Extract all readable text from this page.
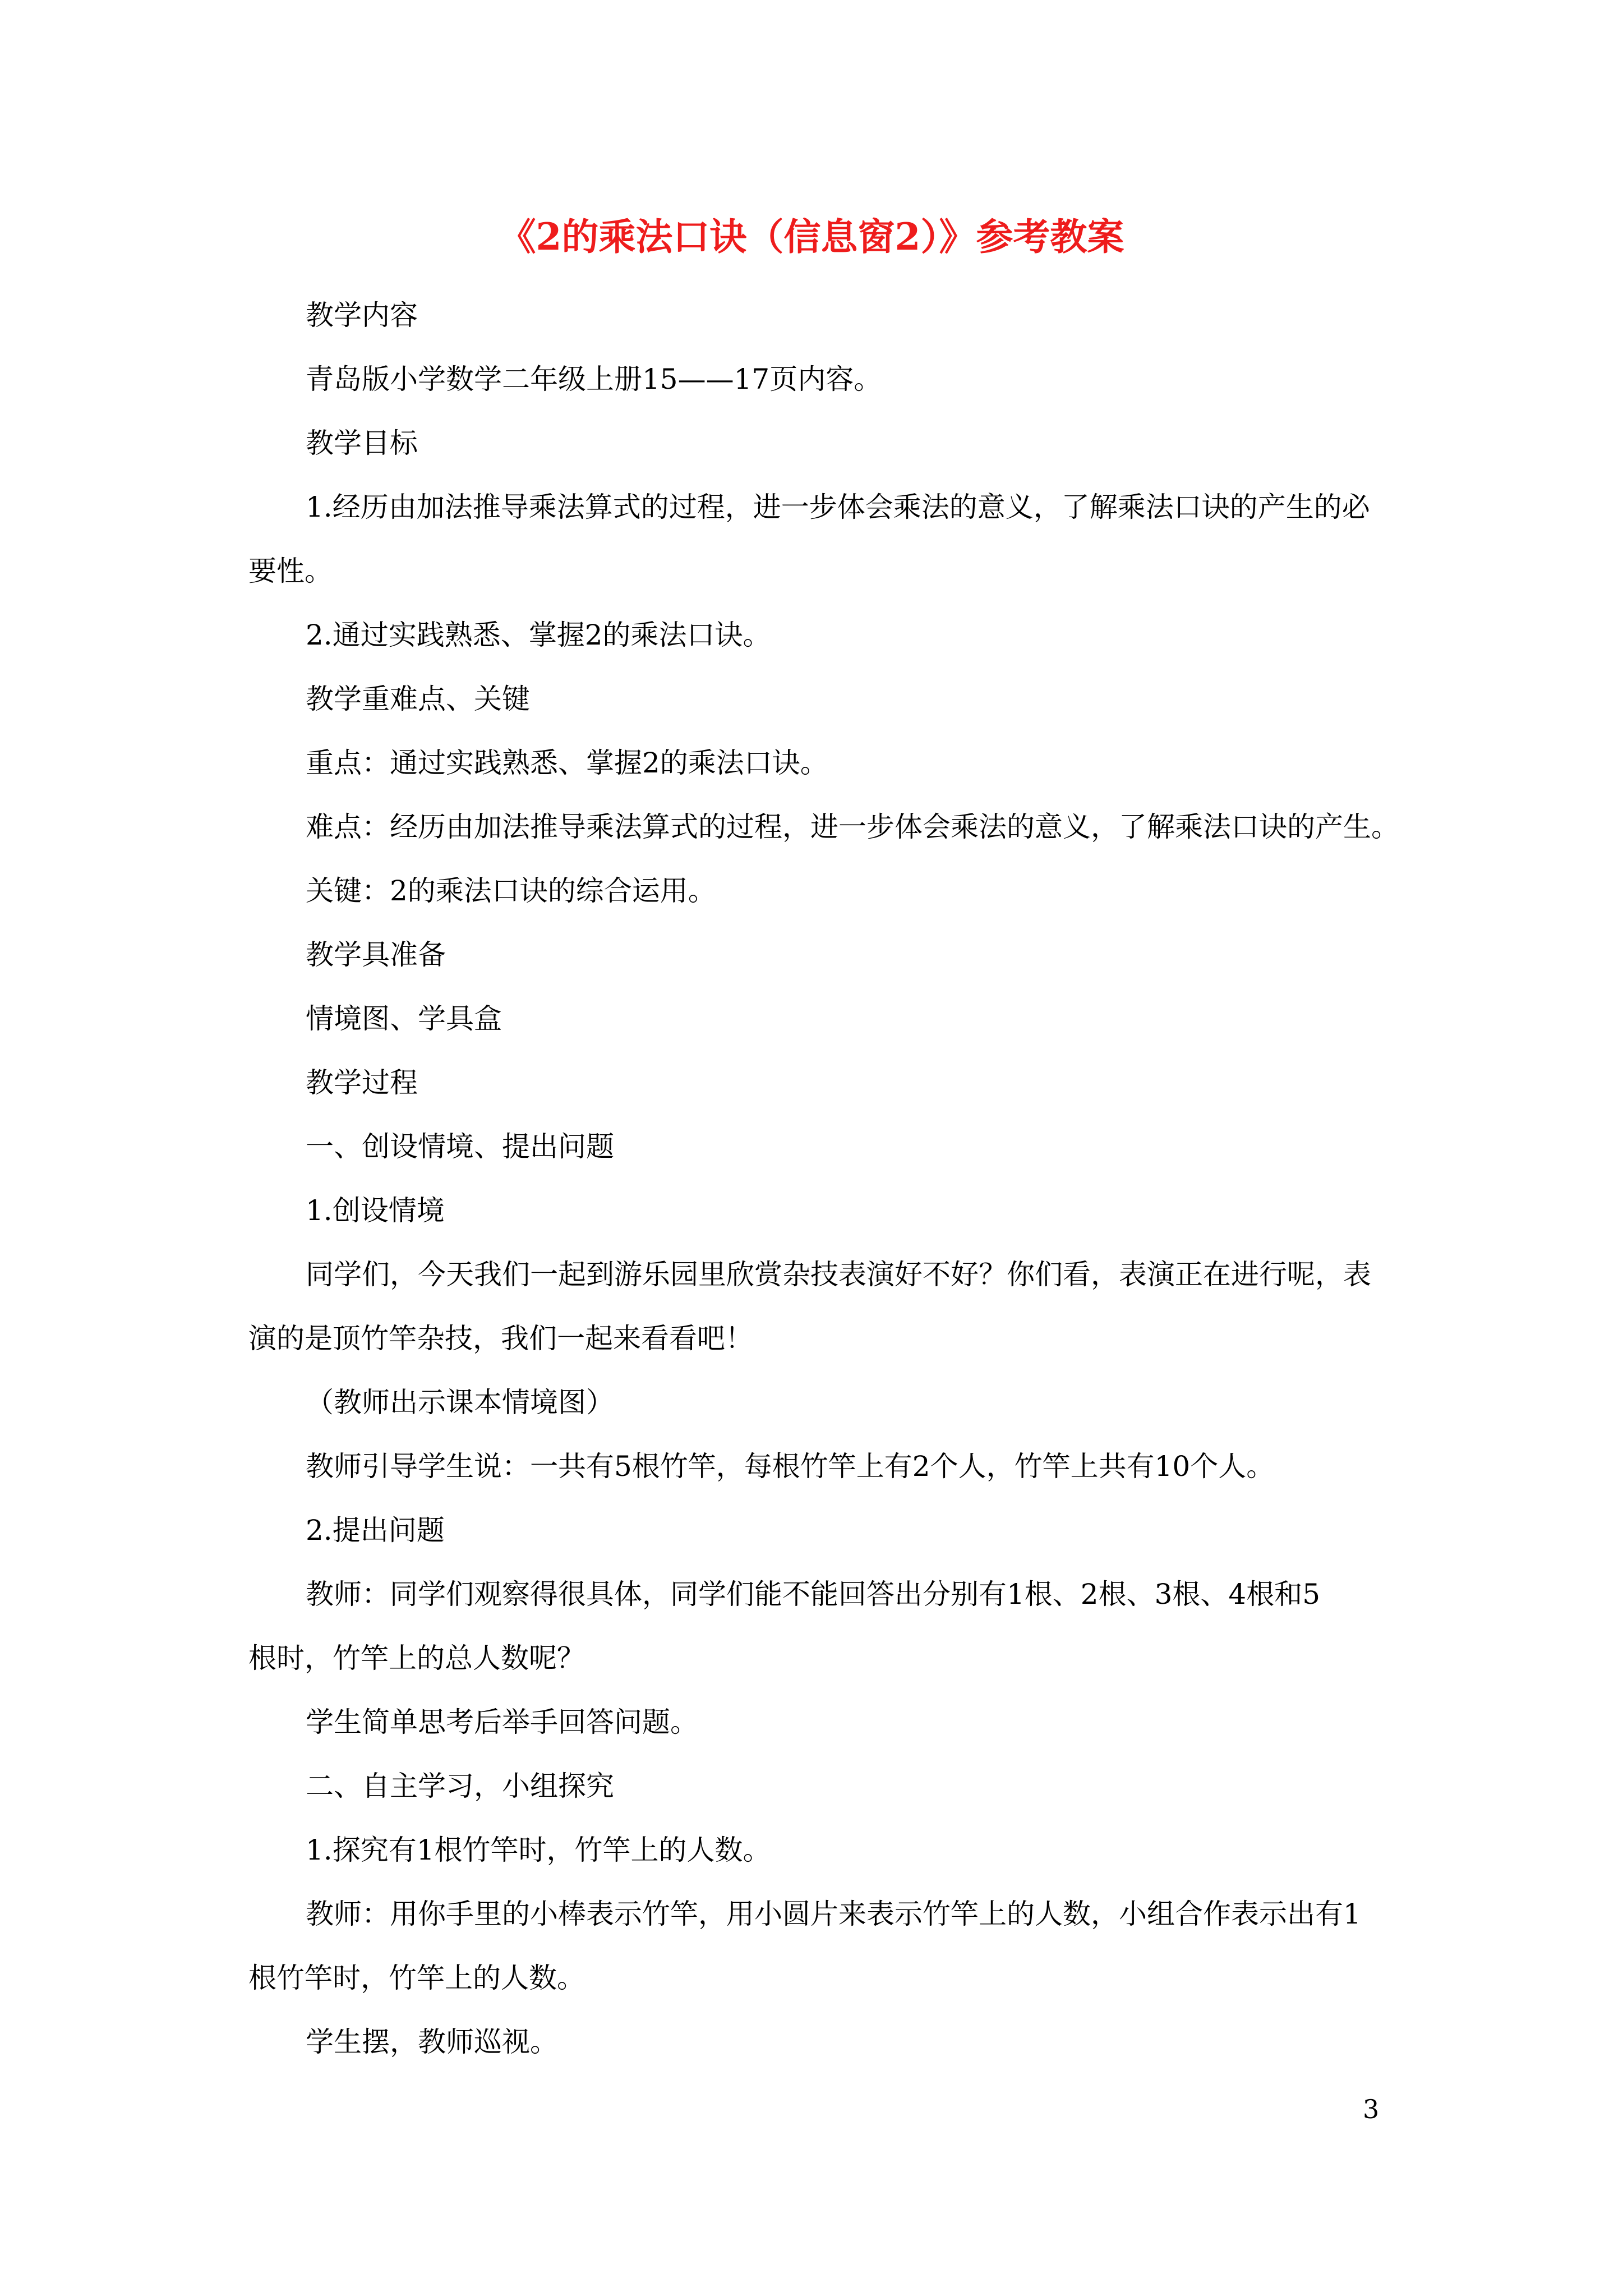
《2的乘法口诀（信息窗2）》参考教案
教学内容
青岛版小学数学二年级上册15——17页内容。
教学目标
1.经历由加法推导乘法算式的过程，进一步体会乘法的意义，了解乘法口诀的产生的必
要性。
2.通过实践熟悉、掌握2的乘法口诀。
教学重难点、关键
重点：通过实践熟悉、掌握2的乘法口诀。
难点：经历由加法推导乘法算式的过程，进一步体会乘法的意义，了解乘法口诀的产生。
关键：2的乘法口诀的综合运用。
教学具准备
情境图、学具盒
教学过程
一、创设情境、提出问题
1.创设情境
同学们，今天我们一起到游乐园里欣赏杂技表演好不好？你们看，表演正在进行呢，表
演的是顶竹竿杂技，我们一起来看看吧！
（教师出示课本情境图）
教师引导学生说：一共有5根竹竿，每根竹竿上有2个人，竹竿上共有10个人。
2.提出问题
教师：同学们观察得很具体，同学们能不能回答出分别有1根、2根、3根、4根和5
根时，竹竿上的总人数呢？
学生简单思考后举手回答问题。
二、自主学习，小组探究
1.探究有1根竹竿时，竹竿上的人数。
教师：用你手里的小棒表示竹竿，用小圆片来表示竹竿上的人数，小组合作表示出有1
根竹竿时，竹竿上的人数。
学生摆，教师巡视。
3
